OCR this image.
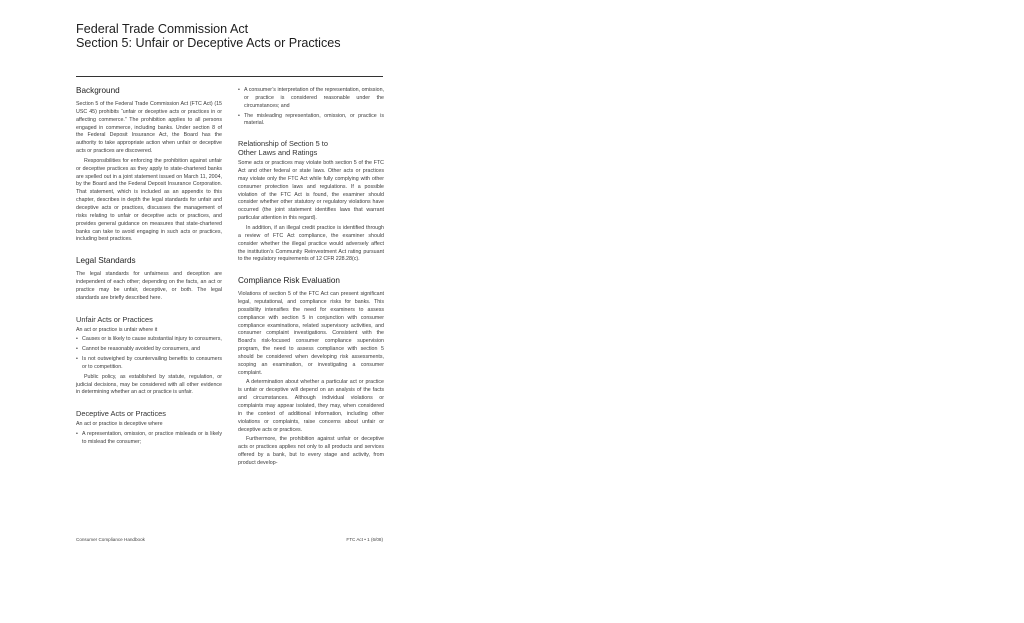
Federal Trade Commission Act
Section 5: Unfair or Deceptive Acts or Practices
Background

Section 5 of the Federal Trade Commission Act (FTC Act) (15 USC 45) prohibits “unfair or deceptive acts or practices in or affecting commerce.” The prohibition applies to all persons engaged in commerce, including banks. Under section 8 of the Federal Deposit Insurance Act, the Board has the authority to take appropriate action when unfair or deceptive acts or practices are discovered.

Responsibilities for enforcing the prohibition against unfair or deceptive practices as they apply to state-chartered banks are spelled out in a joint statement issued on March 11, 2004, by the Board and the Federal Deposit Insurance Corporation. That statement, which is included as an appendix to this chapter, describes in depth the legal standards for unfair and deceptive acts or practices, discusses the management of risks relating to unfair or deceptive acts or practices, and provides general guidance on measures that state-chartered banks can take to avoid engaging in such acts or practices, including best practices.

Legal Standards

The legal standards for unfairness and deception are independent of each other; depending on the facts, an act or practice may be unfair, deceptive, or both. The legal standards are briefly described here.

Unfair Acts or Practices

An act or practice is unfair where it

• Causes or is likely to cause substantial injury to consumers,
• Cannot be reasonably avoided by consumers, and
• Is not outweighed by countervailing benefits to consumers or to competition.

Public policy, as established by statute, regulation, or judicial decisions, may be considered with all other evidence in determining whether an act or practice is unfair.

Deceptive Acts or Practices

An act or practice is deceptive where

• A representation, omission, or practice misleads or is likely to mislead the consumer;
• A consumer’s interpretation of the representation, omission, or practice is considered reasonable under the circumstances; and
• The misleading representation, omission, or practice is material.
Relationship of Section 5 to
Other Laws and Ratings

Some acts or practices may violate both section 5 of the FTC Act and other federal or state laws. Other acts or practices may violate only the FTC Act while fully complying with other consumer protection laws and regulations. If a possible violation of the FTC Act is found, the examiner should consider whether other statutory or regulatory violations have occurred (the joint statement identifies laws that warrant particular attention in this regard).

In addition, if an illegal credit practice is identified through a review of FTC Act compliance, the examiner should consider whether the illegal practice would adversely affect the institution’s Community Reinvestment Act rating pursuant to the regulatory requirements of 12 CFR 228.28(c).

Compliance Risk Evaluation

Violations of section 5 of the FTC Act can present significant legal, reputational, and compliance risks for banks. This possibility intensifies the need for examiners to assess compliance with section 5 in conjunction with consumer compliance examinations, related supervisory activities, and consumer complaint investigations. Consistent with the Board’s risk-focused consumer compliance supervision program, the need to assess compliance with section 5 should be considered when developing risk assessments, scoping an examination, or investigating a consumer complaint.

A determination about whether a particular act or practice is unfair or deceptive will depend on an analysis of the facts and circumstances. Although individual violations or complaints may appear isolated, they may, when considered in the context of additional information, including other violations or complaints, raise concerns about unfair or deceptive acts or practices.

Furthermore, the prohibition against unfair or deceptive acts or practices applies not only to all products and services offered by a bank, but to every stage and activity, from product develop-

Consumer Compliance Handbook	FTC Act • 1 (6/08)
